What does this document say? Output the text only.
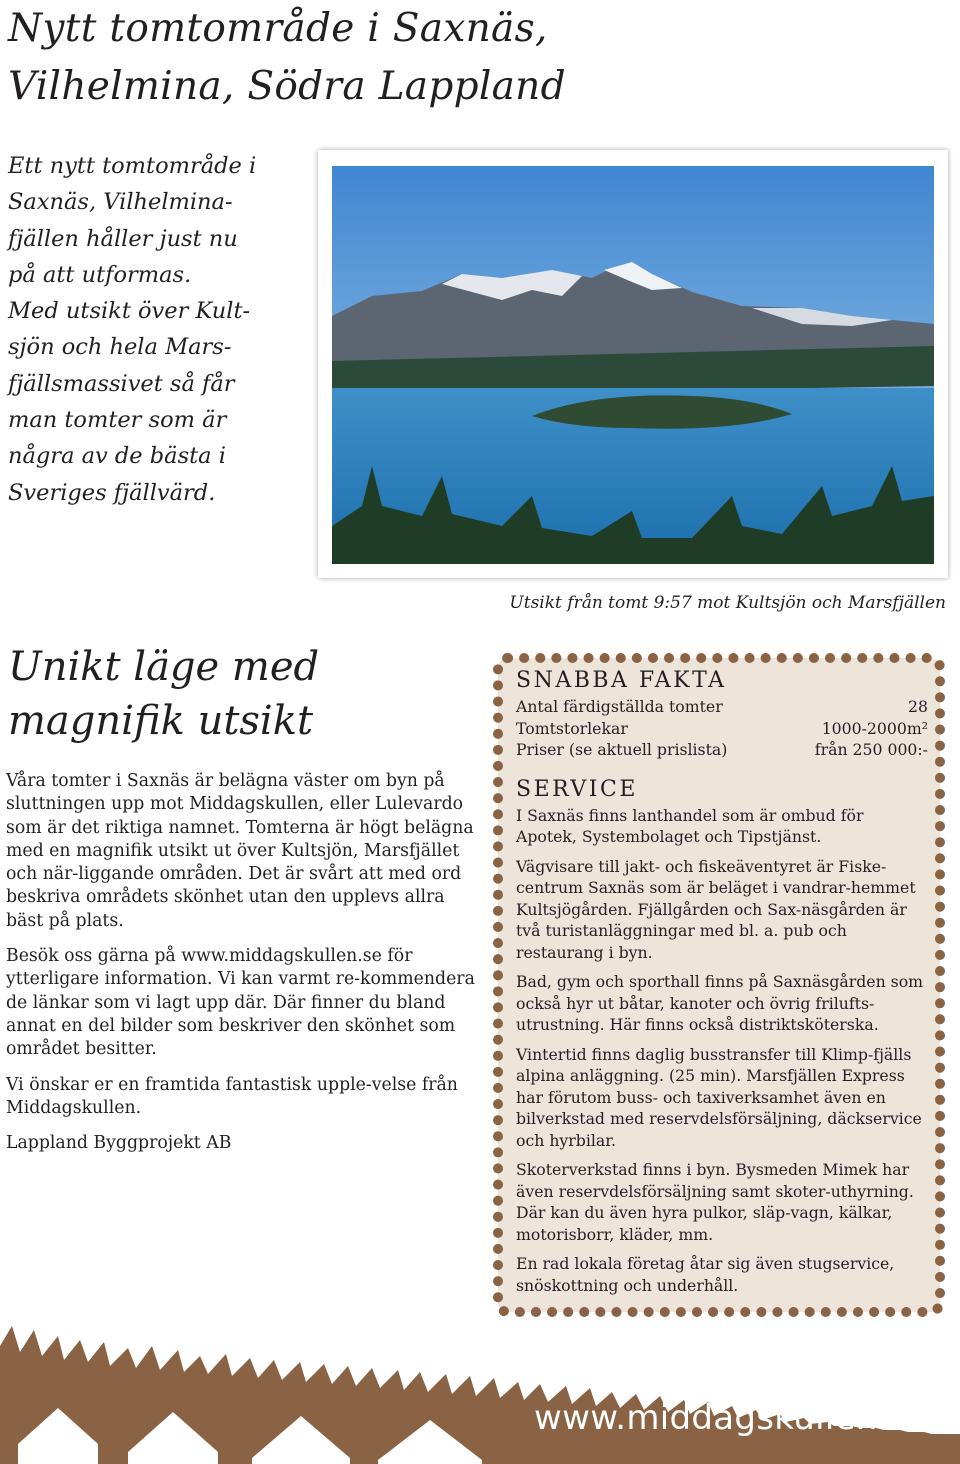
Nytt tomtområde i Saxnäs,
Vilhelmina, Södra Lappland

Ett nytt tomtområde i
Saxnäs, Vilhelmina-
fjällen håller just nu
på att utformas.
Med utsikt över Kult-
sjön och hela Mars-
fjällsmassivet så får
man tomter som är
några av de bästa i
Sveriges fjällvärd.

Utsikt från tomt 9:57 mot Kultsjön och Marsfjällen

Unikt läge med
magnifik utsikt

Våra tomter i Saxnäs är belägna väster om byn på sluttningen upp mot Middagskullen, eller Lulevardo som är det riktiga namnet. Tomterna är högt belägna med en magnifik utsikt ut över Kultsjön, Marsfjället och när-liggande områden. Det är svårt att med ord beskriva områdets skönhet utan den upplevs allra bäst på plats.

Besök oss gärna på www.middagskullen.se för ytterligare information. Vi kan varmt re-kommendera de länkar som vi lagt upp där. Där finner du bland annat en del bilder som beskriver den skönhet som området besitter.

Vi önskar er en framtida fantastisk upple-velse från Middagskullen.

Lappland Byggprojekt AB

SNABBA FAKTA
Antal färdigställda tomter	28
Tomtstorlekar	1000-2000m²
Priser (se aktuell prislista)	från 250 000:-
SERVICE

I Saxnäs finns lanthandel som är ombud för Apotek, Systembolaget och Tipstjänst.

Vägvisare till jakt- och fiskeäventyret är Fiske-centrum Saxnäs som är beläget i vandrar-hemmet Kultsjögården. Fjällgården och Sax-näsgården är två turistanläggningar med bl. a. pub och restaurang i byn.

Bad, gym och sporthall finns på Saxnäsgården som också hyr ut båtar, kanoter och övrig frilufts-utrustning. Här finns också distriktsköterska.

Vintertid finns daglig busstransfer till Klimp-fjälls alpina anläggning. (25 min). Marsfjällen Express har förutom buss- och taxiverksamhet även en bilverkstad med reservdelsförsäljning, däckservice och hyrbilar.

Skoterverkstad finns i byn. Bysmeden Mimek har även reservdelsförsäljning samt skoter-uthyrning. Där kan du även hyra pulkor, släp-vagn, kälkar, motorisborr, kläder, mm.

En rad lokala företag åtar sig även stugservice, snöskottning och underhåll.

www.middagskullen.se
